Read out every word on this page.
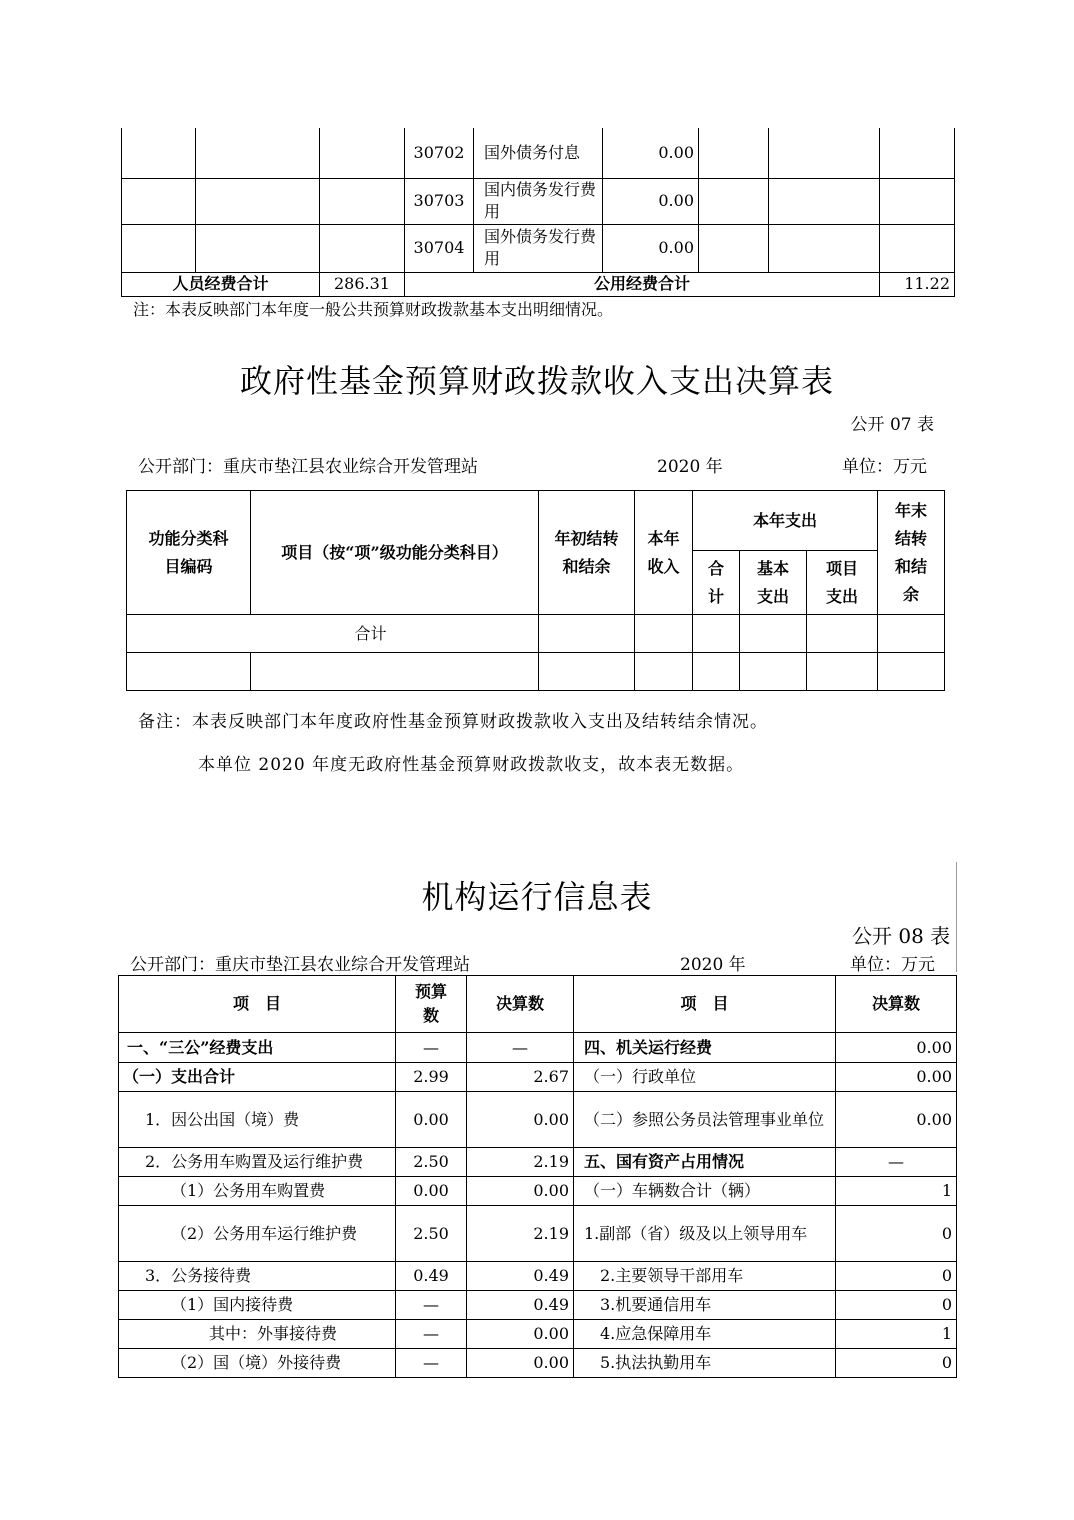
			30702	国外债务付息	0.00			
			30703	国内债务发行费用	0.00			
			30704	国外债务发行费用	0.00			
人员经费合计		286.31	公用经费合计					11.22
注：本表反映部门本年度一般公共预算财政拨款基本支出明细情况。
政府性基金预算财政拨款收入支出决算表
公开 07 表
公开部门：重庆市垫江县农业综合开发管理站	2020 年	单位：万元
功能分类科目编码	项目（按“项”级功能分类科目）	年初结转和结余	本年收入	本年支出			年末结转和结余
				合计	基本支出	项目支出	
合计							

备注：本表反映部门本年度政府性基金预算财政拨款收入支出及结转结余情况。
本单位 2020 年度无政府性基金预算财政拨款收支，故本表无数据。
机构运行信息表
公开 08 表
公开部门：重庆市垫江县农业综合开发管理站	2020 年	单位：万元
项　目	预算数	决算数	项　目	决算数
一、“三公”经费支出	—	—	四、机关运行经费	0.00
（一）支出合计	2.99	2.67	（一）行政单位	0.00
1．因公出国（境）费	0.00	0.00	（二）参照公务员法管理事业单位	0.00
2．公务用车购置及运行维护费	2.50	2.19	五、国有资产占用情况	—
（1）公务用车购置费	0.00	0.00	（一）车辆数合计（辆）	1
（2）公务用车运行维护费	2.50	2.19	1.副部（省）级及以上领导用车	0
3．公务接待费	0.49	0.49	2.主要领导干部用车	0
（1）国内接待费	—	0.49	3.机要通信用车	0
其中：外事接待费	—	0.00	4.应急保障用车	1
（2）国（境）外接待费	—	0.00	5.执法执勤用车	0
